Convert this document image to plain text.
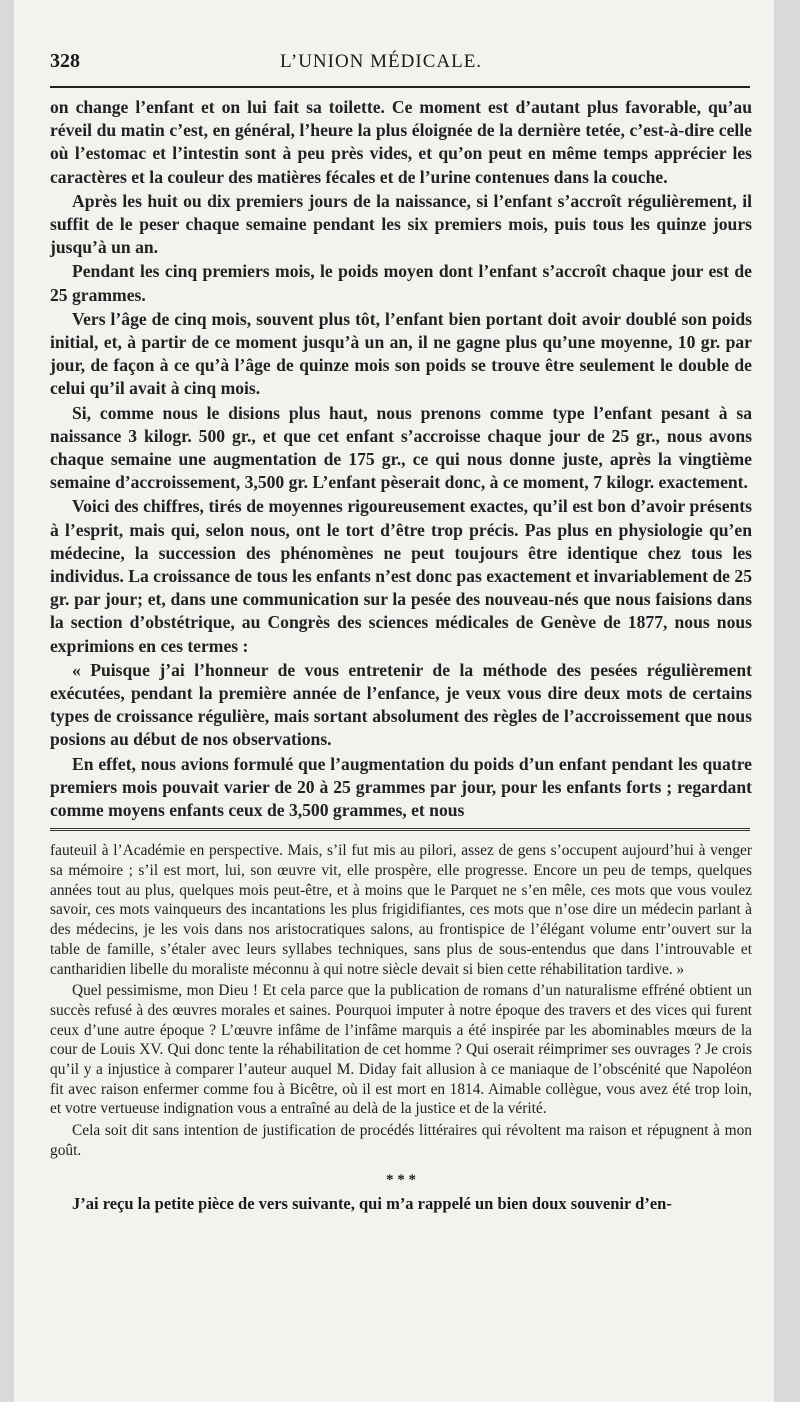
328	L’UNION MÉDICALE.

on change l’enfant et on lui fait sa toilette. Ce moment est d’autant plus favorable, qu’au réveil du matin c’est, en général, l’heure la plus éloignée de la dernière tetée, c’est-à-dire celle où l’estomac et l’intestin sont à peu près vides, et qu’on peut en même temps apprécier les caractères et la couleur des matières fécales et de l’urine contenues dans la couche.

Après les huit ou dix premiers jours de la naissance, si l’enfant s’accroît régulièrement, il suffit de le peser chaque semaine pendant les six premiers mois, puis tous les quinze jours jusqu’à un an.

Pendant les cinq premiers mois, le poids moyen dont l’enfant s’accroît chaque jour est de 25 grammes.

Vers l’âge de cinq mois, souvent plus tôt, l’enfant bien portant doit avoir doublé son poids initial, et, à partir de ce moment jusqu’à un an, il ne gagne plus qu’une moyenne, 10 gr. par jour, de façon à ce qu’à l’âge de quinze mois son poids se trouve être seulement le double de celui qu’il avait à cinq mois.

Si, comme nous le disions plus haut, nous prenons comme type l’enfant pesant à sa naissance 3 kilogr. 500 gr., et que cet enfant s’accroisse chaque jour de 25 gr., nous avons chaque semaine une augmentation de 175 gr., ce qui nous donne juste, après la vingtième semaine d’accroissement, 3,500 gr. L’enfant pèserait donc, à ce moment, 7 kilogr. exactement.

Voici des chiffres, tirés de moyennes rigoureusement exactes, qu’il est bon d’avoir présents à l’esprit, mais qui, selon nous, ont le tort d’être trop précis. Pas plus en physiologie qu’en médecine, la succession des phénomènes ne peut toujours être identique chez tous les individus. La croissance de tous les enfants n’est donc pas exactement et invariablement de 25 gr. par jour; et, dans une communication sur la pesée des nouveau-nés que nous faisions dans la section d’obstétrique, au Congrès des sciences médicales de Genève de 1877, nous nous exprimions en ces termes :

« Puisque j’ai l’honneur de vous entretenir de la méthode des pesées régulièrement exécutées, pendant la première année de l’enfance, je veux vous dire deux mots de certains types de croissance régulière, mais sortant absolument des règles de l’accroissement que nous posions au début de nos observations.

En effet, nous avions formulé que l’augmentation du poids d’un enfant pendant les quatre premiers mois pouvait varier de 20 à 25 grammes par jour, pour les enfants forts ; regardant comme moyens enfants ceux de 3,500 grammes, et nous

fauteuil à l’Académie en perspective. Mais, s’il fut mis au pilori, assez de gens s’occupent aujourd’hui à venger sa mémoire ; s’il est mort, lui, son œuvre vit, elle prospère, elle progresse. Encore un peu de temps, quelques années tout au plus, quelques mois peut-être, et à moins que le Parquet ne s’en mêle, ces mots que vous voulez savoir, ces mots vainqueurs des incantations les plus frigidifiantes, ces mots que n’ose dire un médecin parlant à des médecins, je les vois dans nos aristocratiques salons, au frontispice de l’élégant volume entr’ouvert sur la table de famille, s’étaler avec leurs syllabes techniques, sans plus de sous-entendus que dans l’introuvable et cantharidien libelle du moraliste méconnu à qui notre siècle devait si bien cette réhabilitation tardive. »

Quel pessimisme, mon Dieu ! Et cela parce que la publication de romans d’un naturalisme effréné obtient un succès refusé à des œuvres morales et saines. Pourquoi imputer à notre époque des travers et des vices qui furent ceux d’une autre époque ? L’œuvre infâme de l’infâme marquis a été inspirée par les abominables mœurs de la cour de Louis XV. Qui donc tente la réhabilitation de cet homme ? Qui oserait réimprimer ses ouvrages ? Je crois qu’il y a injustice à comparer l’auteur auquel M. Diday fait allusion à ce maniaque de l’obscénité que Napoléon fit avec raison enfermer comme fou à Bicêtre, où il est mort en 1814. Aimable collègue, vous avez été trop loin, et votre vertueuse indignation vous a entraîné au delà de la justice et de la vérité.

Cela soit dit sans intention de justification de procédés littéraires qui révoltent ma raison et répugnent à mon goût.

* * *
J’ai reçu la petite pièce de vers suivante, qui m’a rappelé un bien doux souvenir d’en-
